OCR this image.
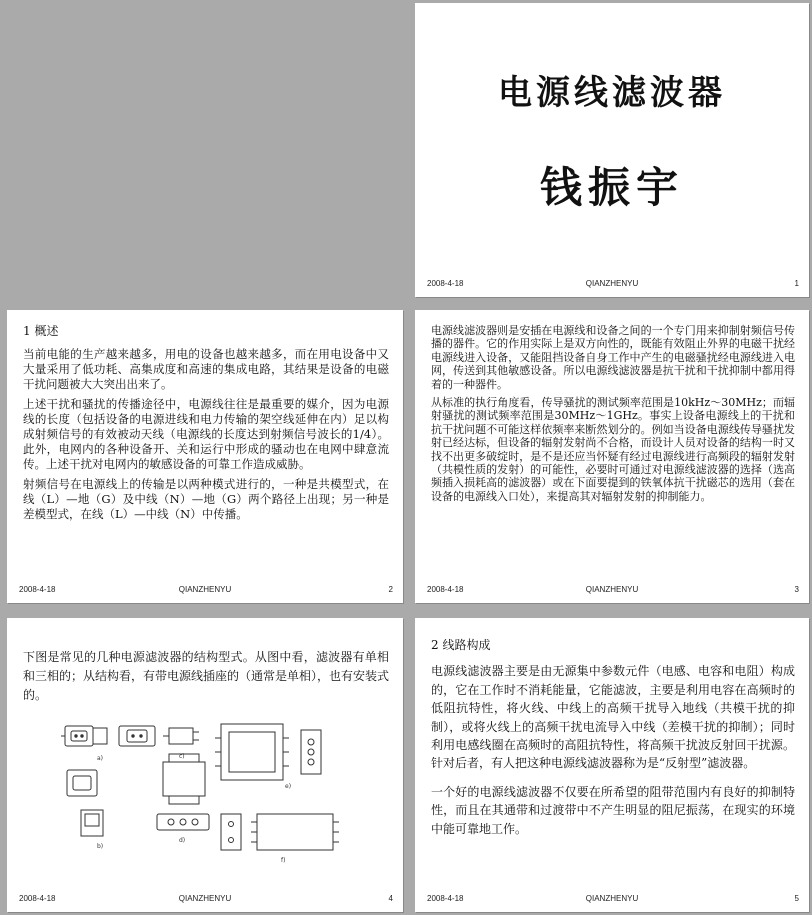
电源线滤波器
钱振宇
2008-4-18	QIANZHENYU	1

1 概述

当前电能的生产越来越多，用电的设备也越来越多，而在用电设备中又大量采用了低功耗、高集成度和高速的集成电路，其结果是设备的电磁干扰问题被大大突出出来了。

上述干扰和骚扰的传播途径中，电源线往往是最重要的媒介，因为电源线的长度（包括设备的电源进线和电力传输的架空线延伸在内）足以构成射频信号的有效被动天线（电源线的长度达到射频信号波长的1/4）。此外，电网内的各种设备开、关和运行中形成的骚动也在电网中肆意流传。上述干扰对电网内的敏感设备的可靠工作造成威胁。

射频信号在电源线上的传输是以两种模式进行的，一种是共模型式，在线（L）—地（G）及中线（N）—地（G）两个路径上出现；另一种是差模型式，在线（L）—中线（N）中传播。

2008-4-18	QIANZHENYU	2

电源线滤波器则是安插在电源线和设备之间的一个专门用来抑制射频信号传播的器件。它的作用实际上是双方向性的，既能有效阻止外界的电磁干扰经电源线进入设备，又能阻挡设备自身工作中产生的电磁骚扰经电源线进入电网，传送到其他敏感设备。所以电源线滤波器是抗干扰和干扰抑制中都用得着的一种器件。

从标准的执行角度看，传导骚扰的测试频率范围是10kHz～30MHz；而辐射骚扰的测试频率范围是30MHz～1GHz。事实上设备电源线上的干扰和抗干扰问题不可能这样依频率来断然划分的。例如当设备电源线传导骚扰发射已经达标，但设备的辐射发射尚不合格，而设计人员对设备的结构一时又找不出更多破绽时，是不是还应当怀疑有经过电源线进行高频段的辐射发射（共模性质的发射）的可能性，必要时可通过对电源线滤波器的选择（选高频插入损耗高的滤波器）或在下面要提到的铁氧体抗干扰磁芯的选用（套在设备的电源线入口处），来提高其对辐射发射的抑制能力。

2008-4-18	QIANZHENYU	3

下图是常见的几种电源滤波器的结构型式。从图中看，滤波器有单相和三相的；从结构看，有带电源线插座的（通常是单相），也有安装式的。

a)	c)
e)
b)
d)
f)
2008-4-18	QIANZHENYU	4

2 线路构成

电源线滤波器主要是由无源集中参数元件（电感、电容和电阻）构成的，它在工作时不消耗能量，它能滤波，主要是利用电容在高频时的低阻抗特性，将火线、中线上的高频干扰导入地线（共模干扰的抑制），或将火线上的高频干扰电流导入中线（差模干扰的抑制）；同时利用电感线圈在高频时的高阻抗特性，将高频干扰波反射回干扰源。针对后者，有人把这种电源线滤波器称为是“反射型”滤波器。

一个好的电源线滤波器不仅要在所希望的阻带范围内有良好的抑制特性，而且在其通带和过渡带中不产生明显的阻尼振荡，在现实的环境中能可靠地工作。

2008-4-18	QIANZHENYU	5
